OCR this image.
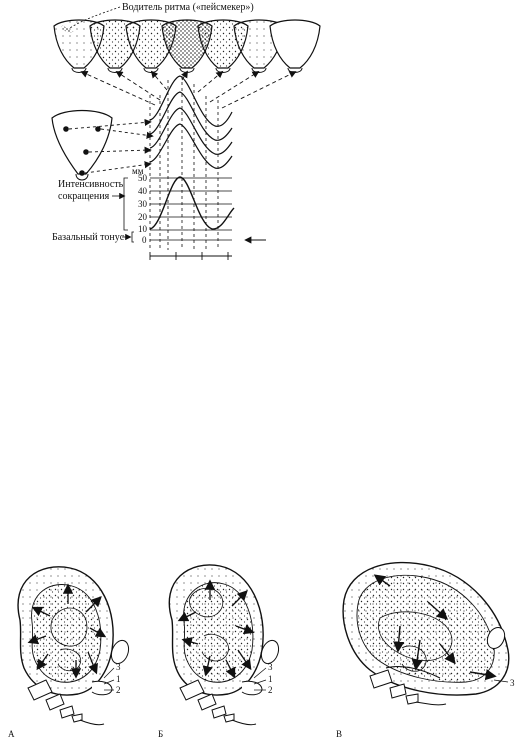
Водитель ритма («пейсмекер»)
мм
50
40
30
20
10
0
Интенсивность
сокращения
Базальный тонус
3
1
2
А
3
1
2
Б
3
В
